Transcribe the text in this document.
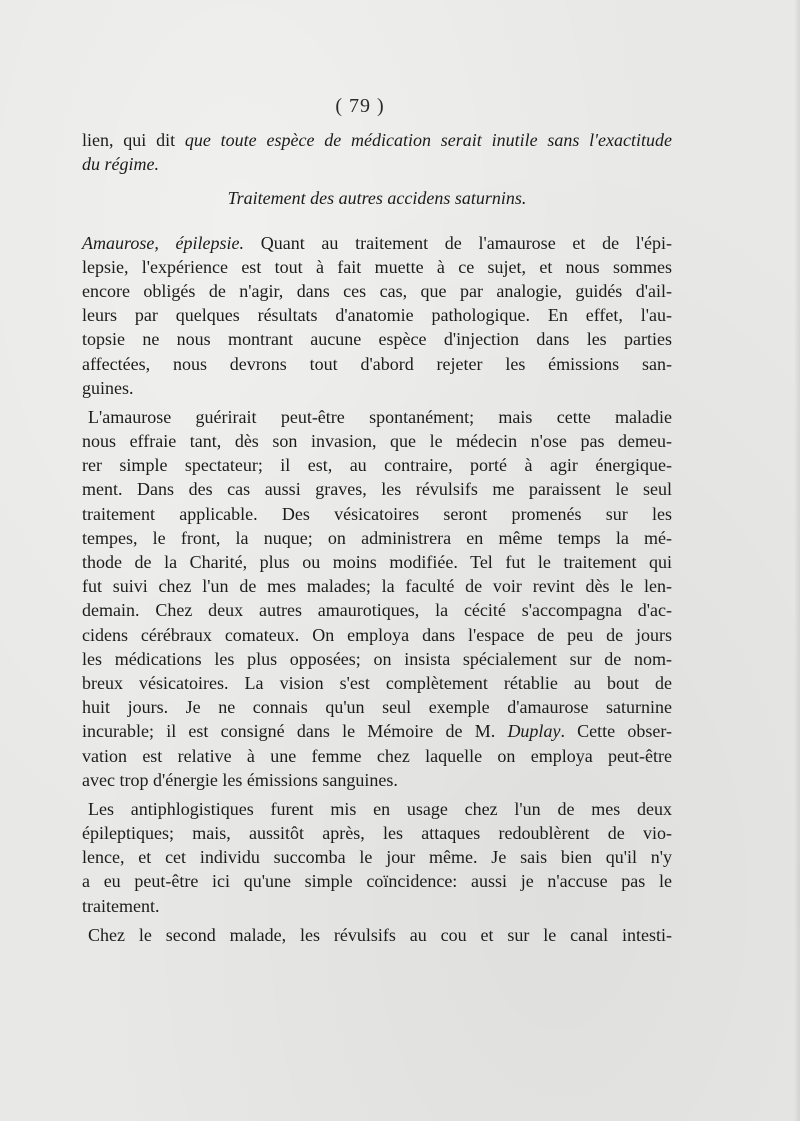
( 79 )
lien, qui dit que toute espèce de médication serait inutile sans l'exactitude
du régime.
Traitement des autres accidens saturnins.
Amaurose, épilepsie. Quant au traitement de l'amaurose et de l'épi-
lepsie, l'expérience est tout à fait muette à ce sujet, et nous sommes
encore obligés de n'agir, dans ces cas, que par analogie, guidés d'ail-
leurs par quelques résultats d'anatomie pathologique. En effet, l'au-
topsie ne nous montrant aucune espèce d'injection dans les parties
affectées, nous devrons tout d'abord rejeter les émissions san-
guines.
L'amaurose guérirait peut-être spontanément; mais cette maladie
nous effraie tant, dès son invasion, que le médecin n'ose pas demeu-
rer simple spectateur; il est, au contraire, porté à agir énergique-
ment. Dans des cas aussi graves, les révulsifs me paraissent le seul
traitement applicable. Des vésicatoires seront promenés sur les
tempes, le front, la nuque; on administrera en même temps la mé-
thode de la Charité, plus ou moins modifiée. Tel fut le traitement qui
fut suivi chez l'un de mes malades; la faculté de voir revint dès le len-
demain. Chez deux autres amaurotiques, la cécité s'accompagna d'ac-
cidens cérébraux comateux. On employa dans l'espace de peu de jours
les médications les plus opposées; on insista spécialement sur de nom-
breux vésicatoires. La vision s'est complètement rétablie au bout de
huit jours. Je ne connais qu'un seul exemple d'amaurose saturnine
incurable; il est consigné dans le Mémoire de M. Duplay. Cette obser-
vation est relative à une femme chez laquelle on employa peut-être
avec trop d'énergie les émissions sanguines.
Les antiphlogistiques furent mis en usage chez l'un de mes deux
épileptiques; mais, aussitôt après, les attaques redoublèrent de vio-
lence, et cet individu succomba le jour même. Je sais bien qu'il n'y
a eu peut-être ici qu'une simple coïncidence: aussi je n'accuse pas le
traitement.
Chez le second malade, les révulsifs au cou et sur le canal intesti-
